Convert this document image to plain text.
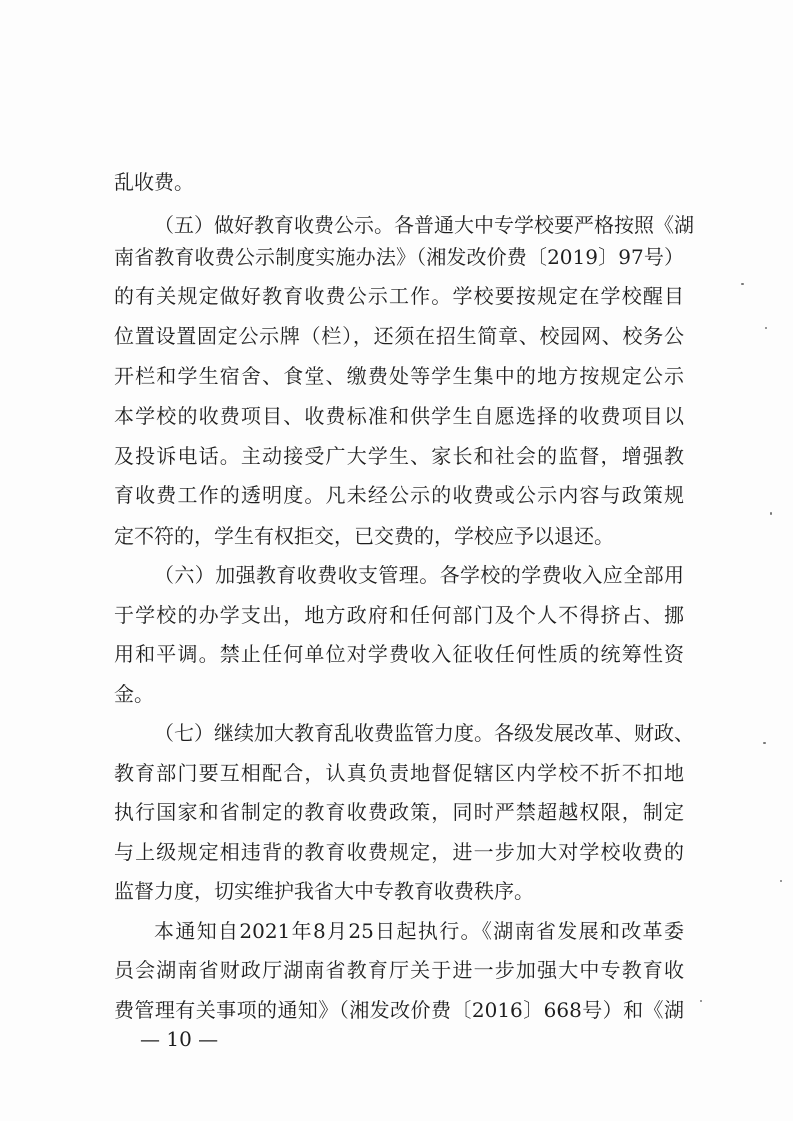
乱收费。
（五）做好教育收费公示。各普通大中专学校要严格按照《湖
南省教育收费公示制度实施办法》（湘发改价费〔2019〕97号）
的有关规定做好教育收费公示工作。学校要按规定在学校醒目
位置设置固定公示牌（栏），还须在招生简章、校园网、校务公
开栏和学生宿舍、食堂、缴费处等学生集中的地方按规定公示
本学校的收费项目、收费标准和供学生自愿选择的收费项目以
及投诉电话。主动接受广大学生、家长和社会的监督，增强教
育收费工作的透明度。凡未经公示的收费或公示内容与政策规
定不符的，学生有权拒交，已交费的，学校应予以退还。
（六）加强教育收费收支管理。各学校的学费收入应全部用
于学校的办学支出，地方政府和任何部门及个人不得挤占、挪
用和平调。禁止任何单位对学费收入征收任何性质的统筹性资
金。
（七）继续加大教育乱收费监管力度。各级发展改革、财政、
教育部门要互相配合，认真负责地督促辖区内学校不折不扣地
执行国家和省制定的教育收费政策，同时严禁超越权限，制定
与上级规定相违背的教育收费规定，进一步加大对学校收费的
监督力度，切实维护我省大中专教育收费秩序。
本通知自2021年8月25日起执行。《湖南省发展和改革委
员会湖南省财政厅湖南省教育厅关于进一步加强大中专教育收
费管理有关事项的通知》（湘发改价费〔2016〕668号）和《湖
— 10 —
